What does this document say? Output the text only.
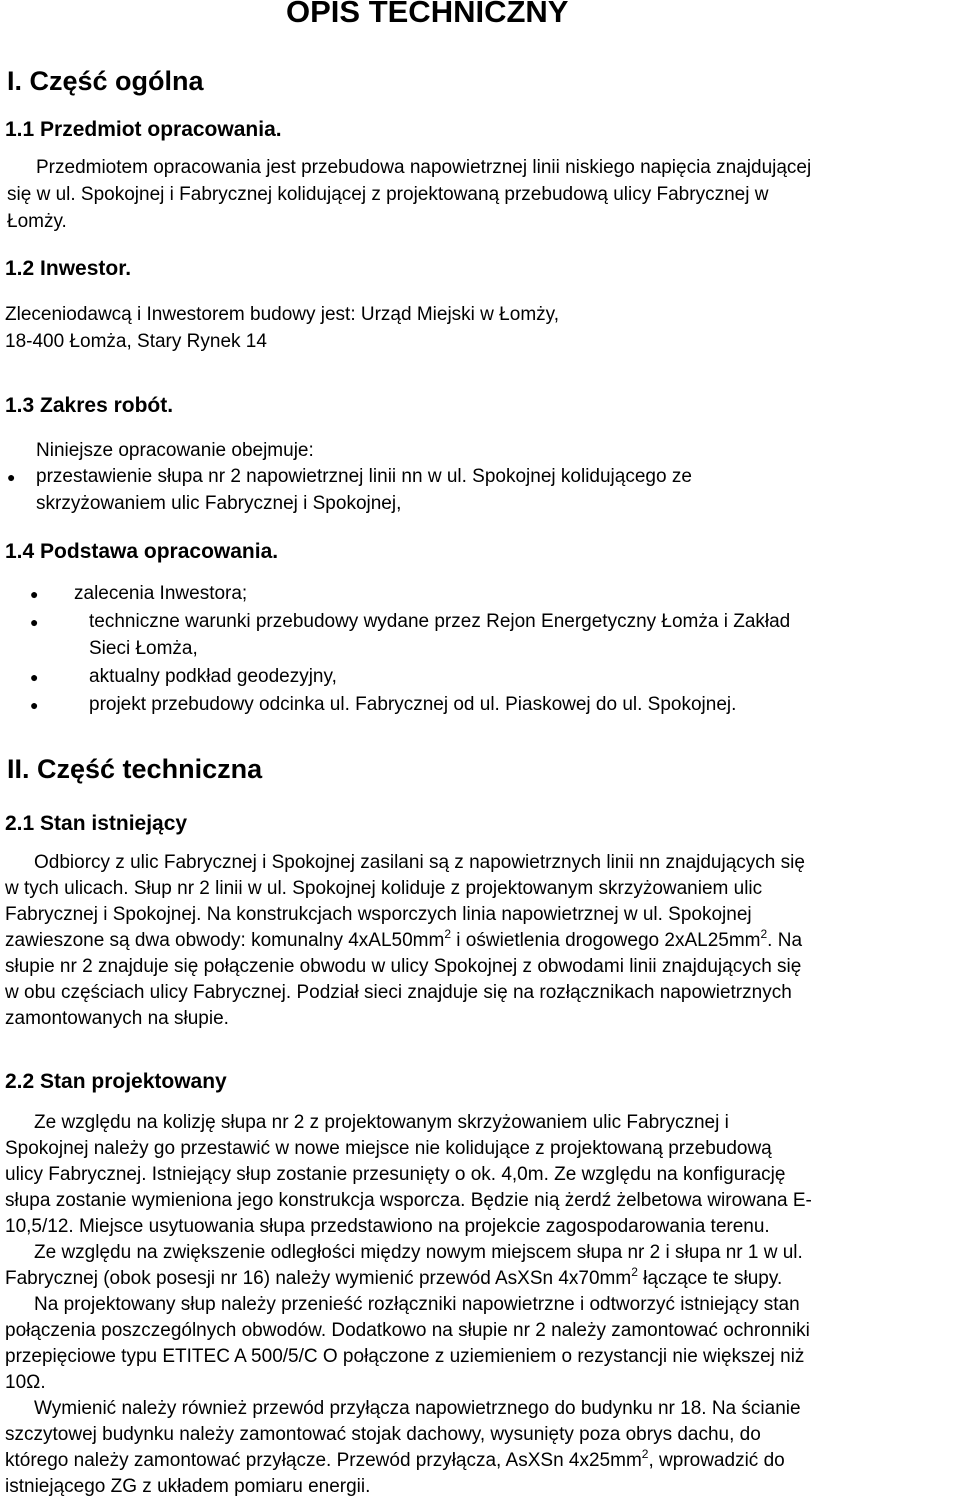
OPIS TECHNICZNY
I. Część ogólna
1.1 Przedmiot opracowania.

Przedmiotem opracowania jest przebudowa napowietrznej linii niskiego napięcia znajdującej

się w ul. Spokojnej i Fabrycznej kolidującej z projektowaną przebudową ulicy Fabrycznej w

Łomży.

1.2 Inwestor.

Zleceniodawcą i Inwestorem budowy jest: Urząd Miejski w Łomży,

18-400 Łomża, Stary Rynek 14

1.3 Zakres robót.

Niniejsze opracowanie obejmuje:

● przestawienie słupa nr 2 napowietrznej linii nn w ul. Spokojnej kolidującego ze

skrzyżowaniem ulic Fabrycznej i Spokojnej,

1.4 Podstawa opracowania.
● zalecenia Inwestora;

●	techniczne warunki przebudowy wydane przez Rejon Energetyczny Łomża i Zakład

Sieci Łomża,

●	aktualny podkład geodezyjny,

●	projekt przebudowy odcinka ul. Fabrycznej od ul. Piaskowej do ul. Spokojnej.

II. Część techniczna
2.1 Stan istniejący

Odbiorcy z ulic Fabrycznej i Spokojnej zasilani są z napowietrznych linii nn znajdujących się

w tych ulicach. Słup nr 2 linii w ul. Spokojnej koliduje z projektowanym skrzyżowaniem ulic

Fabrycznej i Spokojnej. Na konstrukcjach wsporczych linia napowietrznej w ul. Spokojnej

zawieszone są dwa obwody: komunalny $4xAL50mm^2$ i oświetlenia drogowego $2xAL25mm^2$. Na

słupie nr 2 znajduje się połączenie obwodu w ulicy Spokojnej z obwodami linii znajdujących się

w obu częściach ulicy Fabrycznej. Podział sieci znajduje się na rozłącznikach napowietrznych

zamontowanych na słupie.

2.2 Stan projektowany

Ze względu na kolizję słupa nr 2 z projektowanym skrzyżowaniem ulic Fabrycznej i

Spokojnej należy go przestawić w nowe miejsce nie kolidujące z projektowaną przebudową

ulicy Fabrycznej. Istniejący słup zostanie przesunięty o ok. 4,0m. Ze względu na konfigurację

słupa zostanie wymieniona jego konstrukcja wsporcza. Będzie nią żerdź żelbetowa wirowana E-

10,5/12. Miejsce usytuowania słupa przedstawiono na projekcie zagospodarowania terenu.

Ze względu na zwiększenie odległości między nowym miejscem słupa nr 2 i słupa nr 1 w ul.

Fabrycznej (obok posesji nr 16) należy wymienić przewód AsXSn $4x70mm^2$ łączące te słupy.

Na projektowany słup należy przenieść rozłączniki napowietrzne i odtworzyć istniejący stan

połączenia poszczególnych obwodów. Dodatkowo na słupie nr 2 należy zamontować ochronniki

przepięciowe typu ETITEC A 500/5/C O połączone z uziemieniem o rezystancji nie większej niż

10Ω.

Wymienić należy również przewód przyłącza napowietrznego do budynku nr 18. Na ścianie

szczytowej budynku należy zamontować stojak dachowy, wysunięty poza obrys dachu, do

którego należy zamontować przyłącze. Przewód przyłącza, AsXSn $4x25mm^2$, wprowadzić do

istniejącego ZG z układem pomiaru energii.
